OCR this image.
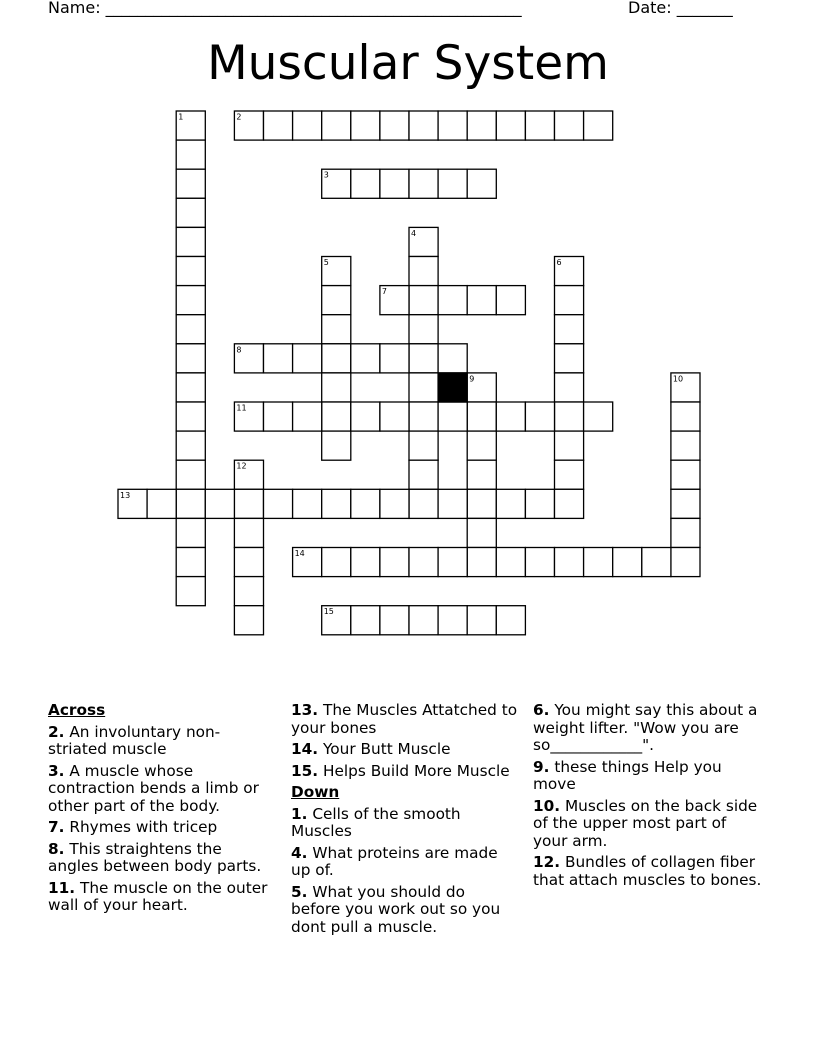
Name: ____________________________________________________	Date: _______
Muscular System
1	2
3
4
5	6
7
8
9	10
11
12
13
14
15
Across
2. An involuntary non-striated muscle
3. A muscle whose contraction bends a limb or other part of the body.
7. Rhymes with tricep
8. This straightens the angles between body parts.
11. The muscle on the outer wall of your heart.
13. The Muscles Attatched to your bones
14. Your Butt Muscle
15. Helps Build More Muscle
Down
1. Cells of the smooth Muscles
4. What proteins are made up of.
5. What you should do before you work out so you dont pull a muscle.
6. You might say this about a weight lifter. "Wow you are so____________".
9. these things Help you move
10. Muscles on the back side of the upper most part of your arm.
12. Bundles of collagen fiber that attach muscles to bones.
